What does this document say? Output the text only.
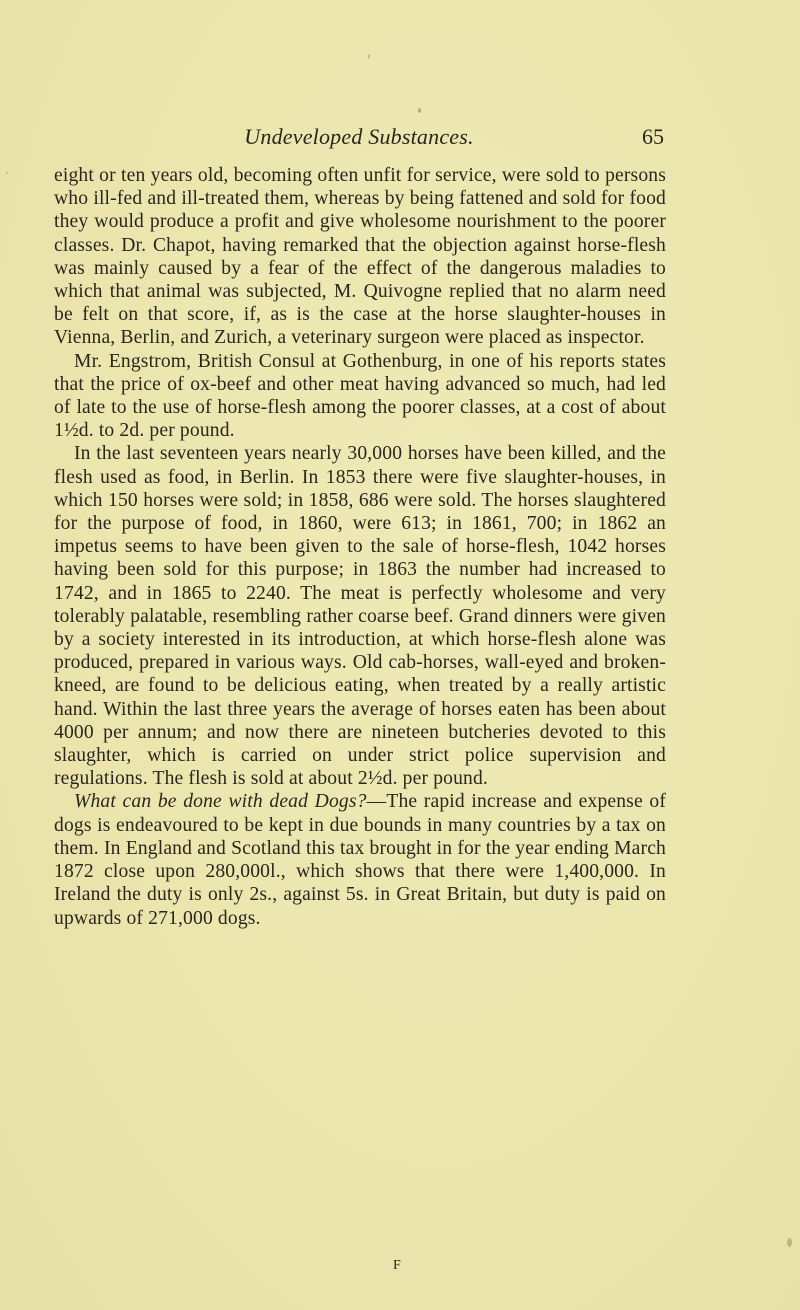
Undeveloped Substances.	65

eight or ten years old, becoming often unfit for service, were sold to persons who ill-fed and ill-treated them, whereas by being fattened and sold for food they would produce a profit and give wholesome nourishment to the poorer classes. Dr. Chapot, having remarked that the objection against horse-flesh was mainly caused by a fear of the effect of the dangerous maladies to which that animal was subjected, M. Quivogne replied that no alarm need be felt on that score, if, as is the case at the horse slaughter-houses in Vienna, Berlin, and Zurich, a veterinary surgeon were placed as inspector.

Mr. Engstrom, British Consul at Gothenburg, in one of his reports states that the price of ox-beef and other meat having advanced so much, had led of late to the use of horse-flesh among the poorer classes, at a cost of about 1½d. to 2d. per pound.

In the last seventeen years nearly 30,000 horses have been killed, and the flesh used as food, in Berlin. In 1853 there were five slaughter-houses, in which 150 horses were sold; in 1858, 686 were sold. The horses slaughtered for the purpose of food, in 1860, were 613; in 1861, 700; in 1862 an impetus seems to have been given to the sale of horse-flesh, 1042 horses having been sold for this purpose; in 1863 the number had increased to 1742, and in 1865 to 2240. The meat is perfectly wholesome and very tolerably palatable, resembling rather coarse beef. Grand dinners were given by a society interested in its introduction, at which horse-flesh alone was produced, prepared in various ways. Old cab-horses, wall-eyed and broken-kneed, are found to be delicious eating, when treated by a really artistic hand. Within the last three years the average of horses eaten has been about 4000 per annum; and now there are nineteen butcheries devoted to this slaughter, which is carried on under strict police supervision and regulations. The flesh is sold at about 2½d. per pound.

What can be done with dead Dogs?—The rapid increase and expense of dogs is endeavoured to be kept in due bounds in many countries by a tax on them. In England and Scotland this tax brought in for the year ending March 1872 close upon 280,000l., which shows that there were 1,400,000. In Ireland the duty is only 2s., against 5s. in Great Britain, but duty is paid on upwards of 271,000 dogs.

F
